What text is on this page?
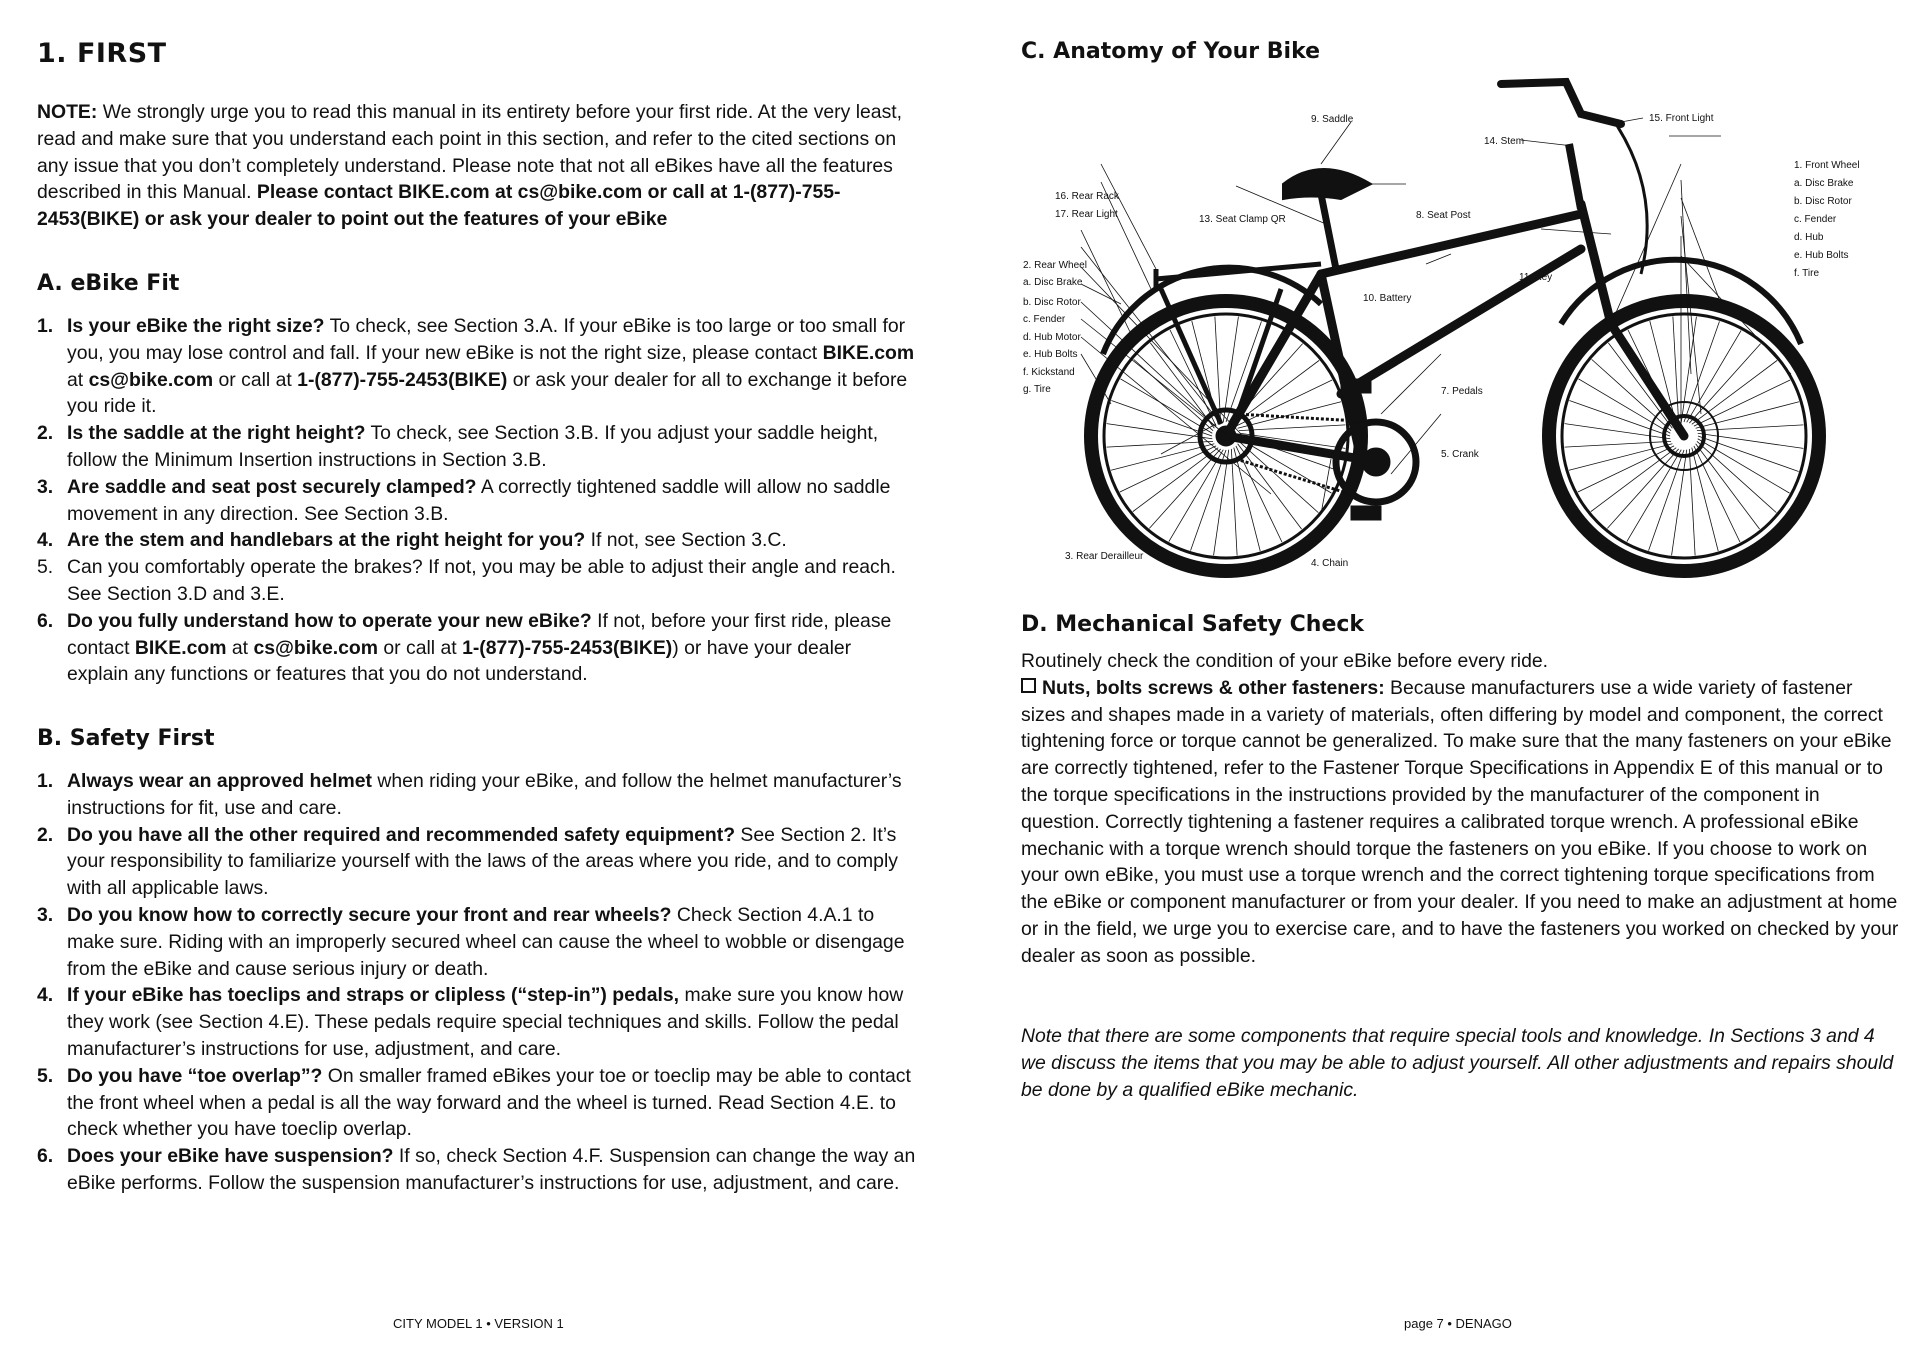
1. FIRST

NOTE: We strongly urge you to read this manual in its entirety before your first ride. At the very least, read and make sure that you understand each point in this section, and refer to the cited sections on any issue that you don’t completely understand. Please note that not all eBikes have all the features described in this Manual. Please contact BIKE.com at cs@bike.com or call at 1-(877)-755-2453(BIKE) or ask your dealer to point out the features of your eBike

A. eBike Fit
1. Is your eBike the right size? To check, see Section 3.A. If your eBike is too large or too small for you, you may lose control and fall. If your new eBike is not the right size, please contact BIKE.com at cs@bike.com or call at 1-(877)-755-2453(BIKE) or ask your dealer for all to exchange it before you ride it.
2. Is the saddle at the right height? To check, see Section 3.B. If you adjust your saddle height, follow the Minimum Insertion instructions in Section 3.B.
3. Are saddle and seat post securely clamped? A correctly tightened saddle will allow no saddle movement in any direction. See Section 3.B.
4. Are the stem and handlebars at the right height for you? If not, see Section 3.C.
5. Can you comfortably operate the brakes? If not, you may be able to adjust their angle and reach. See Section 3.D and 3.E.
6. Do you fully understand how to operate your new eBike? If not, before your first ride, please contact BIKE.com at cs@bike.com or call at 1-(877)-755-2453(BIKE)) or have your dealer explain any functions or features that you do not understand.
B. Safety First
1. Always wear an approved helmet when riding your eBike, and follow the helmet manufacturer’s instructions for fit, use and care.
2. Do you have all the other required and recommended safety equipment? See Section 2. It’s your responsibility to familiarize yourself with the laws of the areas where you ride, and to comply with all applicable laws.
3. Do you know how to correctly secure your front and rear wheels? Check Section 4.A.1 to make sure. Riding with an improperly secured wheel can cause the wheel to wobble or disengage from the eBike and cause serious injury or death.
4. If your eBike has toeclips and straps or clipless (“step-in”) pedals, make sure you know how they work (see Section 4.E). These pedals require special techniques and skills. Follow the pedal manufacturer’s instructions for use, adjustment, and care.
5. Do you have “toe overlap”? On smaller framed eBikes your toe or toeclip may be able to contact the front wheel when a pedal is all the way forward and the wheel is turned. Read Section 4.E. to check whether you have toeclip overlap.
6. Does your eBike have suspension? If so, check Section 4.F. Suspension can change the way an eBike performs. Follow the suspension manufacturer’s instructions for use, adjustment, and care.
CITY MODEL 1 • VERSION 1
C. Anatomy of Your Bike
9. Saddle	15. Front Light
14. Stem
1. Front Wheel
a. Disc Brake
b. Disc Rotor
c. Fender
d. Hub
e. Hub Bolts
f. Tire
16. Rear Rack
17. Rear Light	13. Seat Clamp QR	8. Seat Post
11. Key
2. Rear Wheel
a. Disc Brake
b. Disc Rotor
c. Fender
d. Hub Motor
e. Hub Bolts
f. Kickstand
g. Tire
10. Battery
7. Pedals
5. Crank
3. Rear Derailleur
4. Chain
D. Mechanical Safety Check

Routinely check the condition of your eBike before every ride.

Nuts, bolts screws & other fasteners: Because manufacturers use a wide variety of fastener sizes and shapes made in a variety of materials, often differing by model and component, the correct tightening force or torque cannot be generalized. To make sure that the many fasteners on your eBike are correctly tightened, refer to the Fastener Torque Specifications in Appendix E of this manual or to the torque specifications in the instructions provided by the manufacturer of the component in question. Correctly tightening a fastener requires a calibrated torque wrench. A professional eBike mechanic with a torque wrench should torque the fasteners on you eBike. If you choose to work on your own eBike, you must use a torque wrench and the correct tightening torque specifications from the eBike or component manufacturer or from your dealer. If you need to make an adjustment at home or in the field, we urge you to exercise care, and to have the fasteners you worked on checked by your dealer as soon as possible.

Note that there are some components that require special tools and knowledge. In Sections 3 and 4 we discuss the items that you may be able to adjust yourself. All other adjustments and repairs should be done by a qualified eBike mechanic.

page 7 • DENAGO
